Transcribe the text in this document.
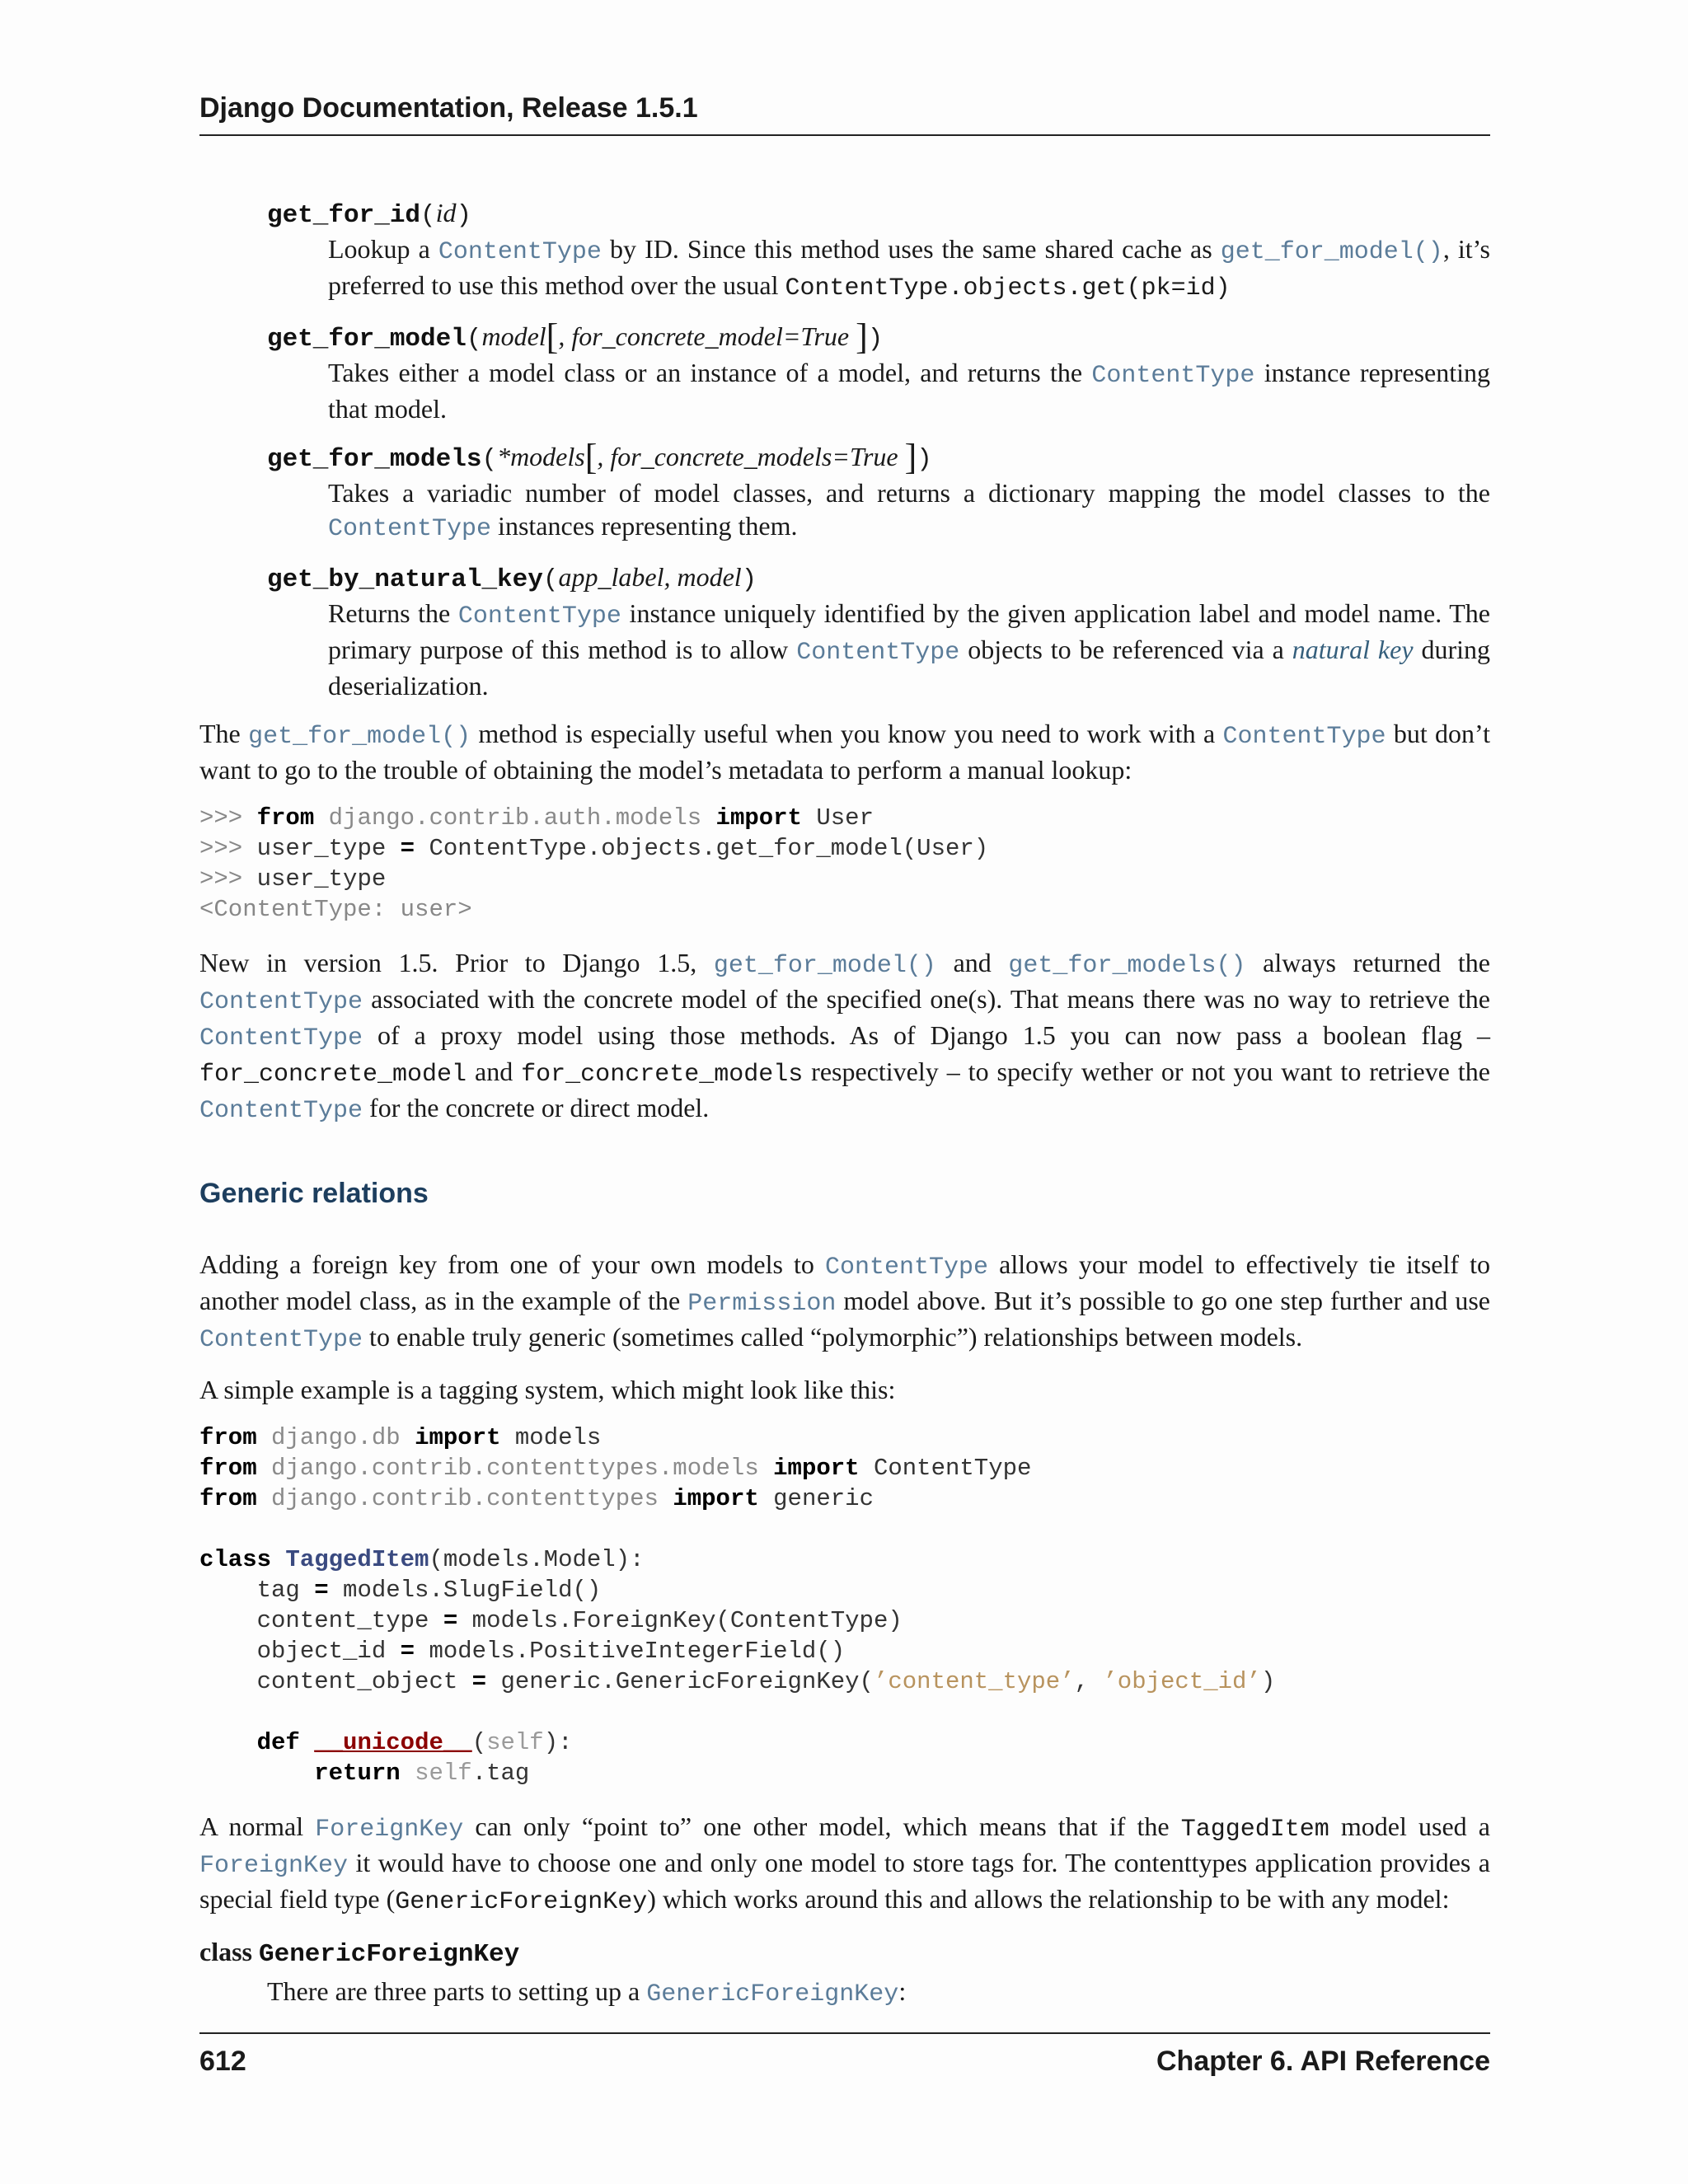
Django Documentation, Release 1.5.1
get_for_id(id)
Lookup a ContentType by ID. Since this method uses the same shared cache as get_for_model(), it’s preferred to use this method over the usual ContentType.objects.get(pk=id)
get_for_model(model[, for_concrete_model=True ])
Takes either a model class or an instance of a model, and returns the ContentType instance representing that model.
get_for_models(*models[, for_concrete_models=True ])
Takes a variadic number of model classes, and returns a dictionary mapping the model classes to the ContentType instances representing them.
get_by_natural_key(app_label, model)
Returns the ContentType instance uniquely identified by the given application label and model name. The primary purpose of this method is to allow ContentType objects to be referenced via a natural key during deserialization.

The get_for_model() method is especially useful when you know you need to work with a ContentType but don’t want to go to the trouble of obtaining the model’s metadata to perform a manual lookup:

>>> from django.contrib.auth.models import User
>>> user_type = ContentType.objects.get_for_model(User)
>>> user_type
<ContentType: user>

New in version 1.5. Prior to Django 1.5, get_for_model() and get_for_models() always returned the ContentType associated with the concrete model of the specified one(s). That means there was no way to retrieve the ContentType of a proxy model using those methods. As of Django 1.5 you can now pass a boolean flag – for_concrete_model and for_concrete_models respectively – to specify wether or not you want to retrieve the ContentType for the concrete or direct model.

Generic relations

Adding a foreign key from one of your own models to ContentType allows your model to effectively tie itself to another model class, as in the example of the Permission model above. But it’s possible to go one step further and use ContentType to enable truly generic (sometimes called “polymorphic”) relationships between models.

A simple example is a tagging system, which might look like this:

from django.db import models
from django.contrib.contenttypes.models import ContentType
from django.contrib.contenttypes import generic

class TaggedItem(models.Model):
tag = models.SlugField()
content_type = models.ForeignKey(ContentType)
object_id = models.PositiveIntegerField()
content_object = generic.GenericForeignKey(’content_type’, ’object_id’)

def __unicode__(self):
return self.tag

A normal ForeignKey can only “point to” one other model, which means that if the TaggedItem model used a ForeignKey it would have to choose one and only one model to store tags for. The contenttypes application provides a special field type (GenericForeignKey) which works around this and allows the relationship to be with any model:

class GenericForeignKey

There are three parts to setting up a GenericForeignKey:

612	Chapter 6. API Reference
